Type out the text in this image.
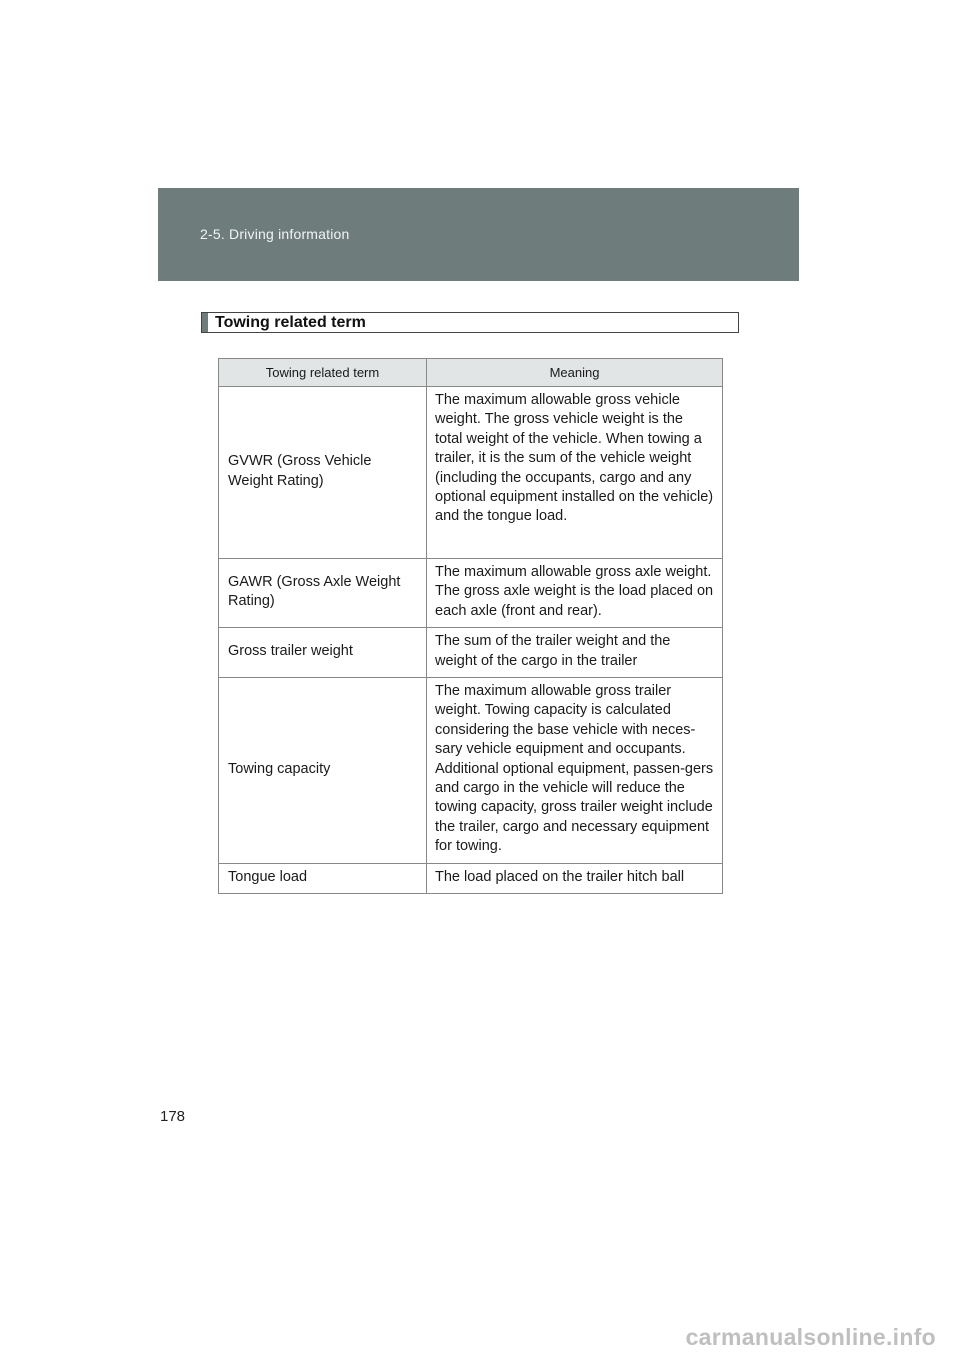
2-5. Driving information
Towing related term
Towing related term	Meaning
GVWR (Gross Vehicle Weight Rating)	The maximum allowable gross vehicle weight. The gross vehicle weight is the total weight of the vehicle. When towing a trailer, it is the sum of the vehicle weight (including the occupants, cargo and any optional equipment installed on the vehicle) and the tongue load.
GAWR (Gross Axle Weight Rating)	The maximum allowable gross axle weight. The gross axle weight is the load placed on each axle (front and rear).
Gross trailer weight	The sum of the trailer weight and the weight of the cargo in the trailer
Towing capacity	The maximum allowable gross trailer weight. Towing capacity is calculated considering the base vehicle with neces-sary vehicle equipment and occupants. Additional optional equipment, passen-gers and cargo in the vehicle will reduce the towing capacity, gross trailer weight include the trailer, cargo and necessary equipment for towing.
Tongue load	The load placed on the trailer hitch ball
178
carmanualsonline.info
